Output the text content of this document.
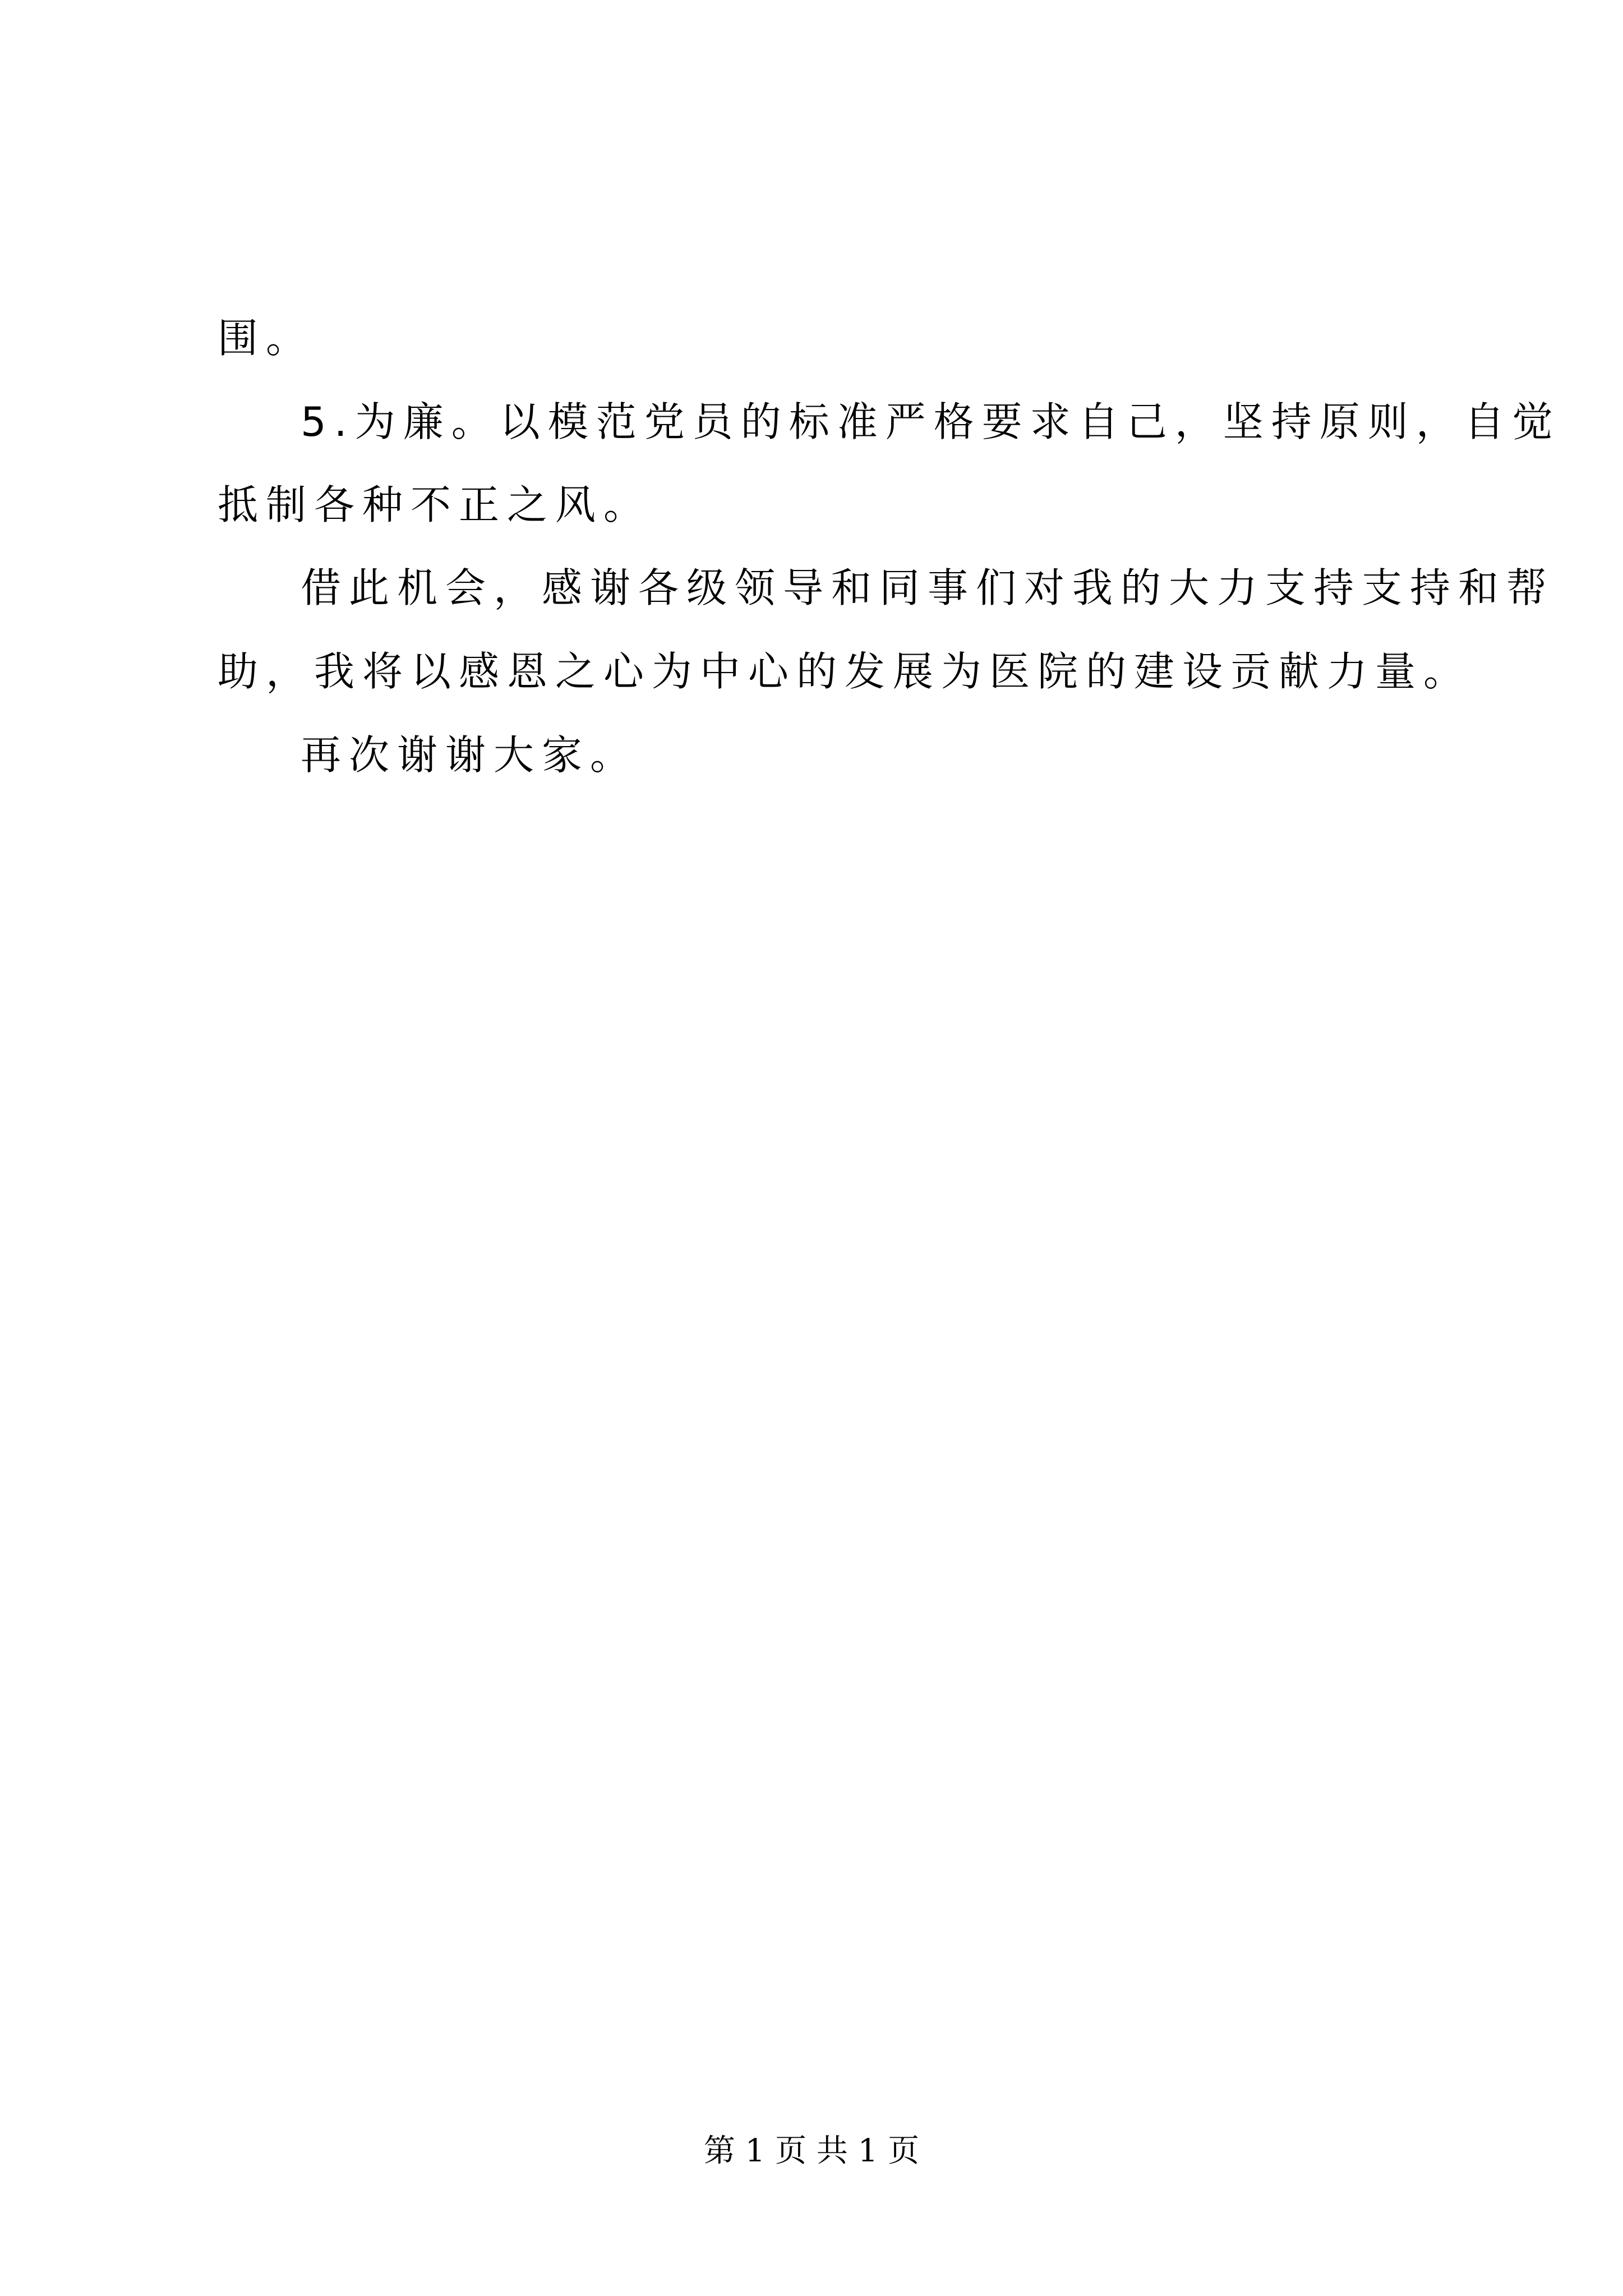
围。
5.为廉。以模范党员的标准严格要求自己，坚持原则，自觉
抵制各种不正之风。
借此机会，感谢各级领导和同事们对我的大力支持支持和帮
助，我将以感恩之心为中心的发展为医院的建设贡献力量。
再次谢谢大家。
第 1 页 共 1 页
